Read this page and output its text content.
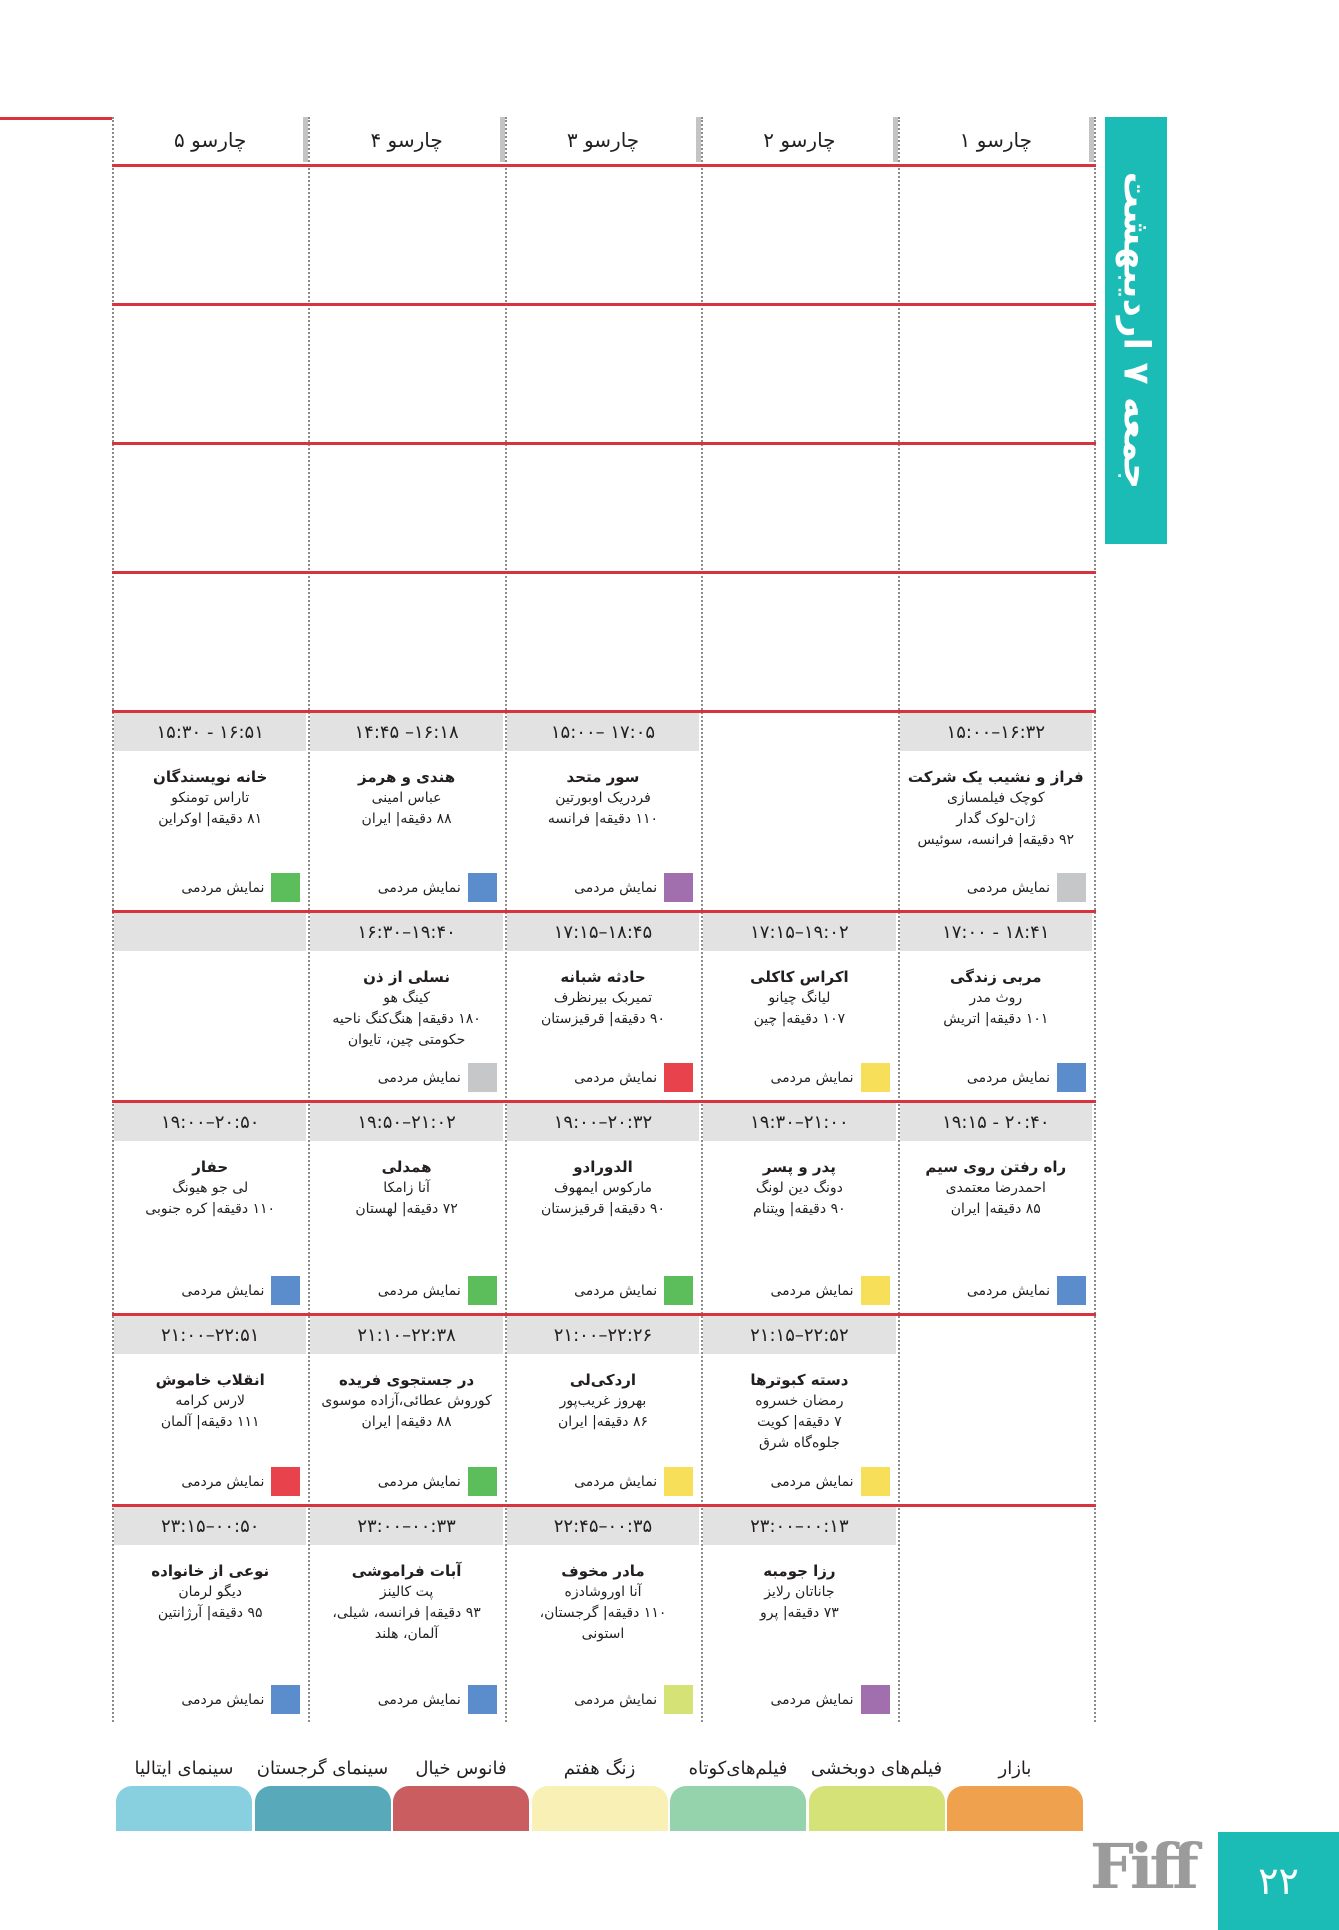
جمعه ۷ اردیبهشت
چارسو ۱
چارسو ۲
چارسو ۳
چارسو ۴
چارسو ۵
۱۵:۰۰–۱۶:۳۲
فراز و نشیب یک شرکت
کوچک فیلمسازی
ژان-لوک گدار
۹۲ دقیقه| فرانسه، سوئیس
نمایش مردمی
۱۵:۰۰– ۱۷:۰۵
سور متحد
فردریک اوبورتین
۱۱۰ دقیقه| فرانسه
نمایش مردمی
۱۴:۴۵ –۱۶:۱۸
هندی و هرمز
عباس امینی
۸۸ دقیقه| ایران
نمایش مردمی
۱۵:۳۰ - ۱۶:۵۱
خانه نویسندگان
تاراس تومنکو
۸۱ دقیقه| اوکراین
نمایش مردمی
۱۷:۰۰ - ۱۸:۴۱
مربی زندگی
روث مدر
۱۰۱ دقیقه| اتریش
نمایش مردمی
۱۷:۱۵–۱۹:۰۲
اکراس کاکلی
لیانگ چیانو
۱۰۷ دقیقه| چین
نمایش مردمی
۱۷:۱۵–۱۸:۴۵
حادثه شبانه
تمیربک بیرنظرف
۹۰ دقیقه| قرقیزستان
نمایش مردمی
۱۶:۳۰–۱۹:۴۰
نسلی از ذن
کینگ هو
۱۸۰ دقیقه| هنگ‌کنگ ناحیه
حکومتی چین، تایوان
نمایش مردمی
۱۹:۱۵ - ۲۰:۴۰
راه رفتن روی سیم
احمدرضا معتمدی
۸۵ دقیقه| ایران
نمایش مردمی
۱۹:۳۰–۲۱:۰۰
پدر و پسر
دونگ دین لونگ
۹۰ دقیقه| ویتنام
نمایش مردمی
۱۹:۰۰–۲۰:۳۲
الدورادو
مارکوس ایمهوف
۹۰ دقیقه| قرقیزستان
نمایش مردمی
۱۹:۵۰–۲۱:۰۲
همدلی
آنا زامکا
۷۲ دقیقه| لهستان
نمایش مردمی
۱۹:۰۰–۲۰:۵۰
حفار
لی جو هیونگ
۱۱۰ دقیقه| کره جنوبی
نمایش مردمی
۲۱:۱۵–۲۲:۵۲
دسته کبوترها
رمضان خسروه
۷ دقیقه| کویت
جلوه‌گاه شرق
نمایش مردمی
۲۱:۰۰–۲۲:۲۶
اردکی‌لی
بهروز غریب‌پور
۸۶ دقیقه| ایران
نمایش مردمی
۲۱:۱۰–۲۲:۳۸
در جستجوی فریده
کوروش عطائی،آزاده موسوی
۸۸ دقیقه| ایران
نمایش مردمی
۲۱:۰۰–۲۲:۵۱
انقلاب خاموش
لارس کرامه
۱۱۱ دقیقه| آلمان
نمایش مردمی
۲۳:۰۰–۰۰:۱۳
رزا جومبه
جاناتان رلایز
۷۳ دقیقه| پرو
نمایش مردمی
۲۲:۴۵–۰۰:۳۵
مادر مخوف
آنا اوروشادزه
۱۱۰ دقیقه| گرجستان،
استونی
نمایش مردمی
۲۳:۰۰–۰۰:۳۳
آبات فراموشی
پت کالینز
۹۳ دقیقه| فرانسه، شیلی،
آلمان، هلند
نمایش مردمی
۲۳:۱۵–۰۰:۵۰
نوعی از خانواده
دیگو لرمان
۹۵ دقیقه| آرژانتین
نمایش مردمی
بازار
فیلم‌های دوبخشی
فیلم‌های‌کوتاه
زنگ هفتم
فانوس خیال
سینمای گرجستان
سینمای ایتالیا
Fiff	۲۲
